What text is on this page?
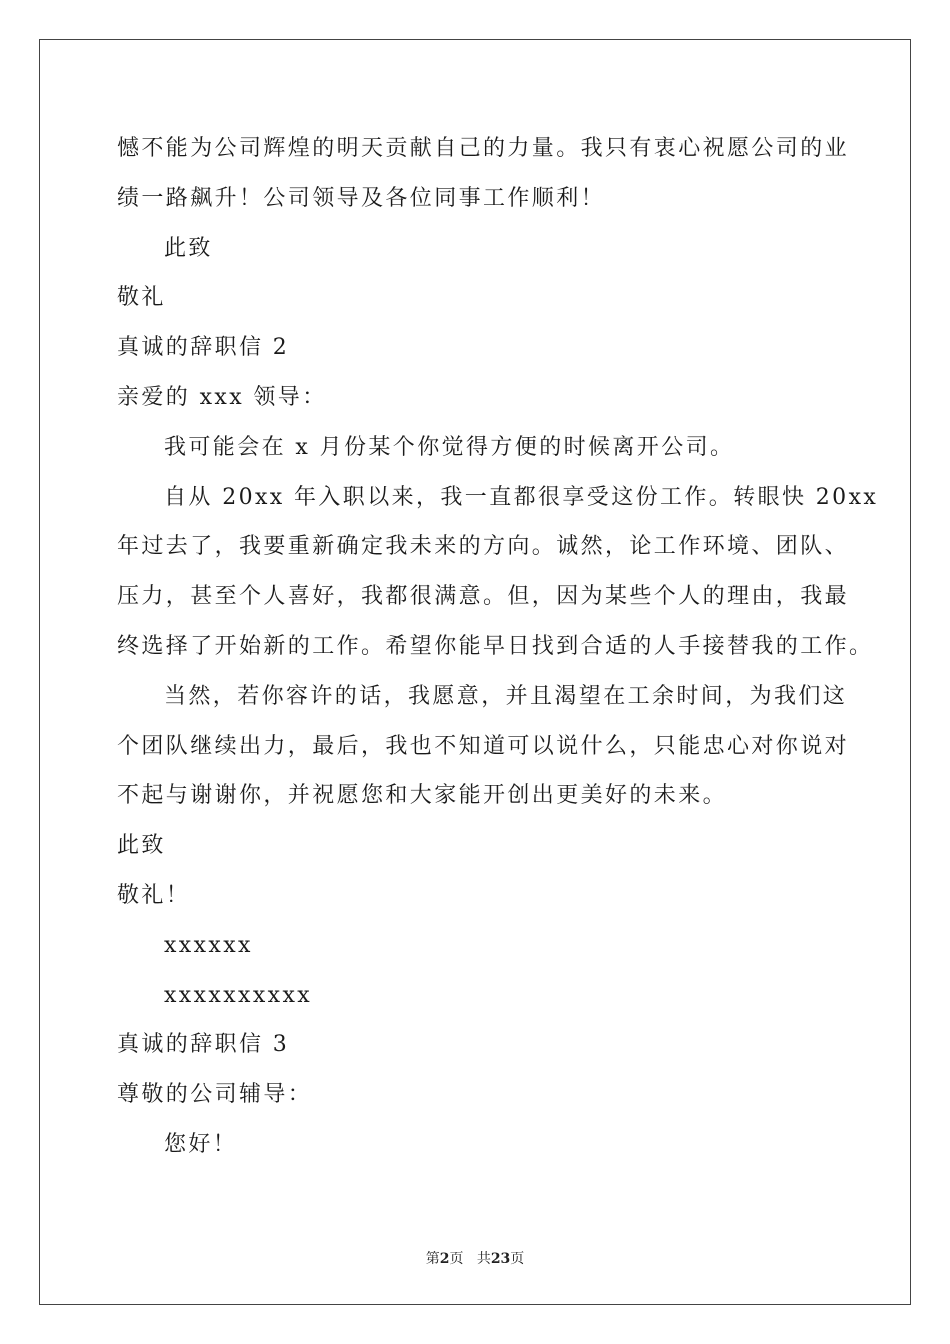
憾不能为公司辉煌的明天贡献自己的力量。我只有衷心祝愿公司的业
绩一路飙升！公司领导及各位同事工作顺利！
此致
敬礼
真诚的辞职信 2
亲爱的 xxx 领导：
我可能会在 x 月份某个你觉得方便的时候离开公司。
自从 20xx 年入职以来，我一直都很享受这份工作。转眼快 20xx
年过去了，我要重新确定我未来的方向。诚然，论工作环境、团队、
压力，甚至个人喜好，我都很满意。但，因为某些个人的理由，我最
终选择了开始新的工作。希望你能早日找到合适的人手接替我的工作。
当然，若你容许的话，我愿意，并且渴望在工余时间，为我们这
个团队继续出力，最后，我也不知道可以说什么，只能忠心对你说对
不起与谢谢你，并祝愿您和大家能开创出更美好的未来。
此致
敬礼！
xxxxxx
xxxxxxxxxx
真诚的辞职信 3
尊敬的公司辅导：
您好！
第2页 共23页
